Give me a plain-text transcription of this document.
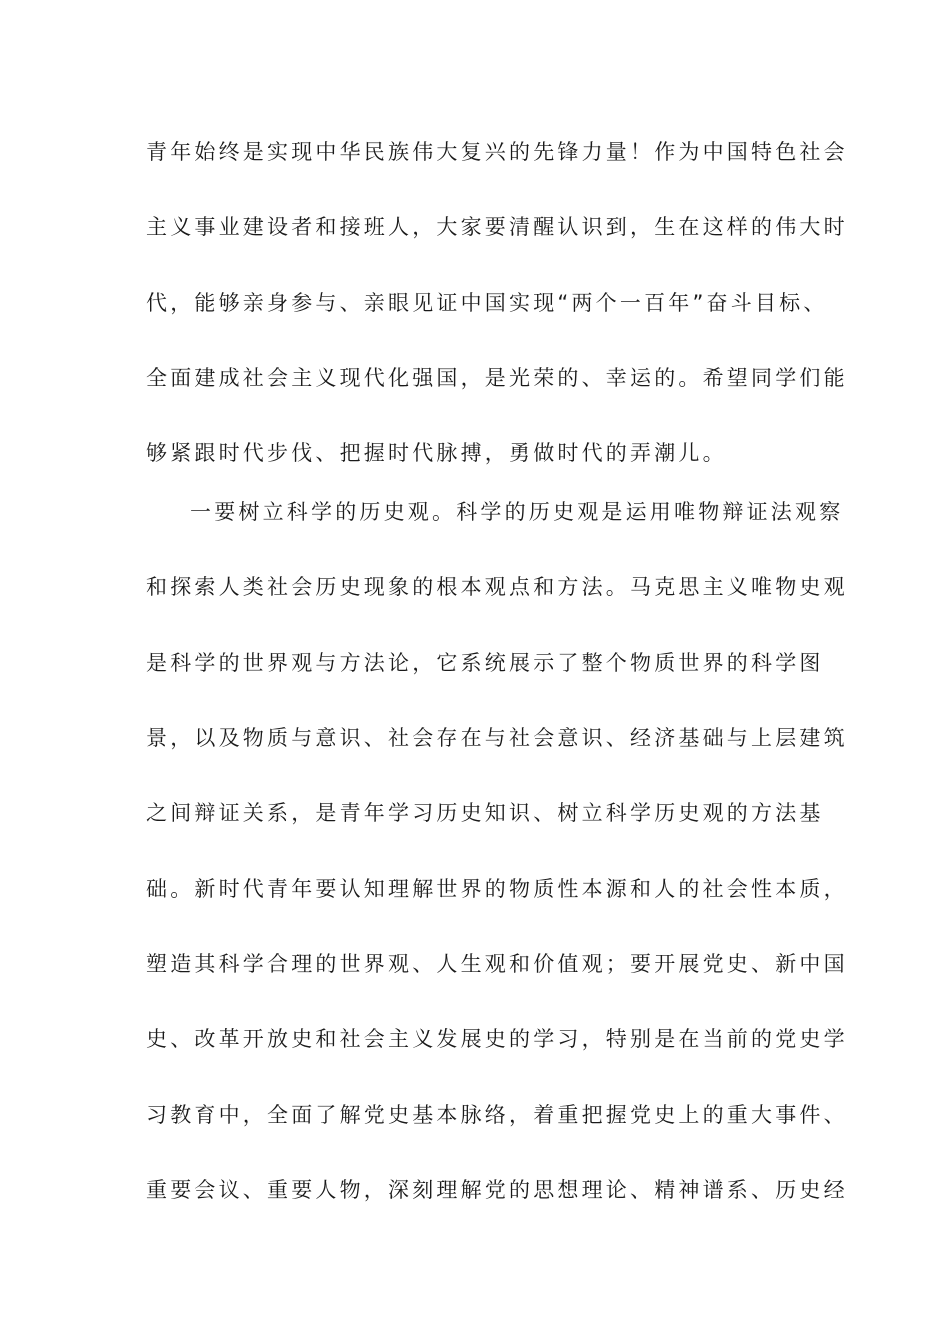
青年始终是实现中华民族伟大复兴的先锋力量！作为中国特色社会
主义事业建设者和接班人，大家要清醒认识到，生在这样的伟大时
代，能够亲身参与、亲眼见证中国实现“两个一百年”奋斗目标、
全面建成社会主义现代化强国，是光荣的、幸运的。希望同学们能
够紧跟时代步伐、把握时代脉搏，勇做时代的弄潮儿。
一要树立科学的历史观。科学的历史观是运用唯物辩证法观察
和探索人类社会历史现象的根本观点和方法。马克思主义唯物史观
是科学的世界观与方法论，它系统展示了整个物质世界的科学图
景，以及物质与意识、社会存在与社会意识、经济基础与上层建筑
之间辩证关系，是青年学习历史知识、树立科学历史观的方法基
础。新时代青年要认知理解世界的物质性本源和人的社会性本质，
塑造其科学合理的世界观、人生观和价值观；要开展党史、新中国
史、改革开放史和社会主义发展史的学习，特别是在当前的党史学
习教育中，全面了解党史基本脉络，着重把握党史上的重大事件、
重要会议、重要人物，深刻理解党的思想理论、精神谱系、历史经
